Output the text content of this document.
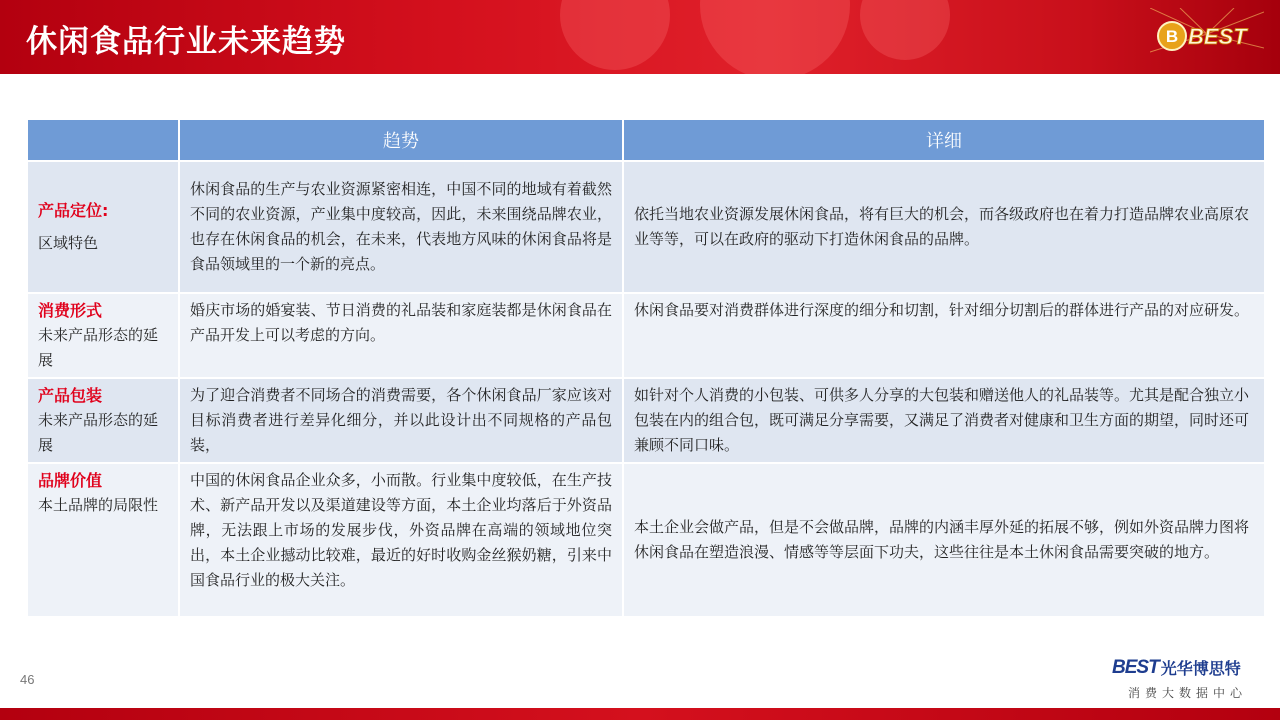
休闲食品行业未来趋势	B BEST
	趋势	详细

产品定位:
区域特色	休闲食品的生产与农业资源紧密相连，中国不同的地域有着截然不同的农业资源，产业集中度较高，因此，未来围绕品牌农业，也存在休闲食品的机会，在未来，代表地方风味的休闲食品将是食品领域里的一个新的亮点。	依托当地农业资源发展休闲食品，将有巨大的机会，而各级政府也在着力打造品牌农业高原农业等等，可以在政府的驱动下打造休闲食品的品牌。

消费形式
未来产品形态的延展	婚庆市场的婚宴装、节日消费的礼品装和家庭装都是休闲食品在产品开发上可以考虑的方向。	休闲食品要对消费群体进行深度的细分和切割，针对细分切割后的群体进行产品的对应研发。

产品包装
未来产品形态的延展	为了迎合消费者不同场合的消费需要，各个休闲食品厂家应该对目标消费者进行差异化细分，并以此设计出不同规格的产品包装，	如针对个人消费的小包装、可供多人分享的大包装和赠送他人的礼品装等。尤其是配合独立小包装在内的组合包，既可满足分享需要，又满足了消费者对健康和卫生方面的期望，同时还可兼顾不同口味。

品牌价值
本土品牌的局限性	中国的休闲食品企业众多，小而散。行业集中度较低，在生产技术、新产品开发以及渠道建设等方面，本土企业均落后于外资品牌，无法跟上市场的发展步伐，外资品牌在高端的领域地位突出，本土企业撼动比较难，最近的好时收购金丝猴奶糖，引来中国食品行业的极大关注。	本土企业会做产品，但是不会做品牌，品牌的内涵丰厚外延的拓展不够，例如外资品牌力图将休闲食品在塑造浪漫、情感等等层面下功夫，这些往往是本土休闲食品需要突破的地方。
46
BEST 光华博思特
消费大数据中心
